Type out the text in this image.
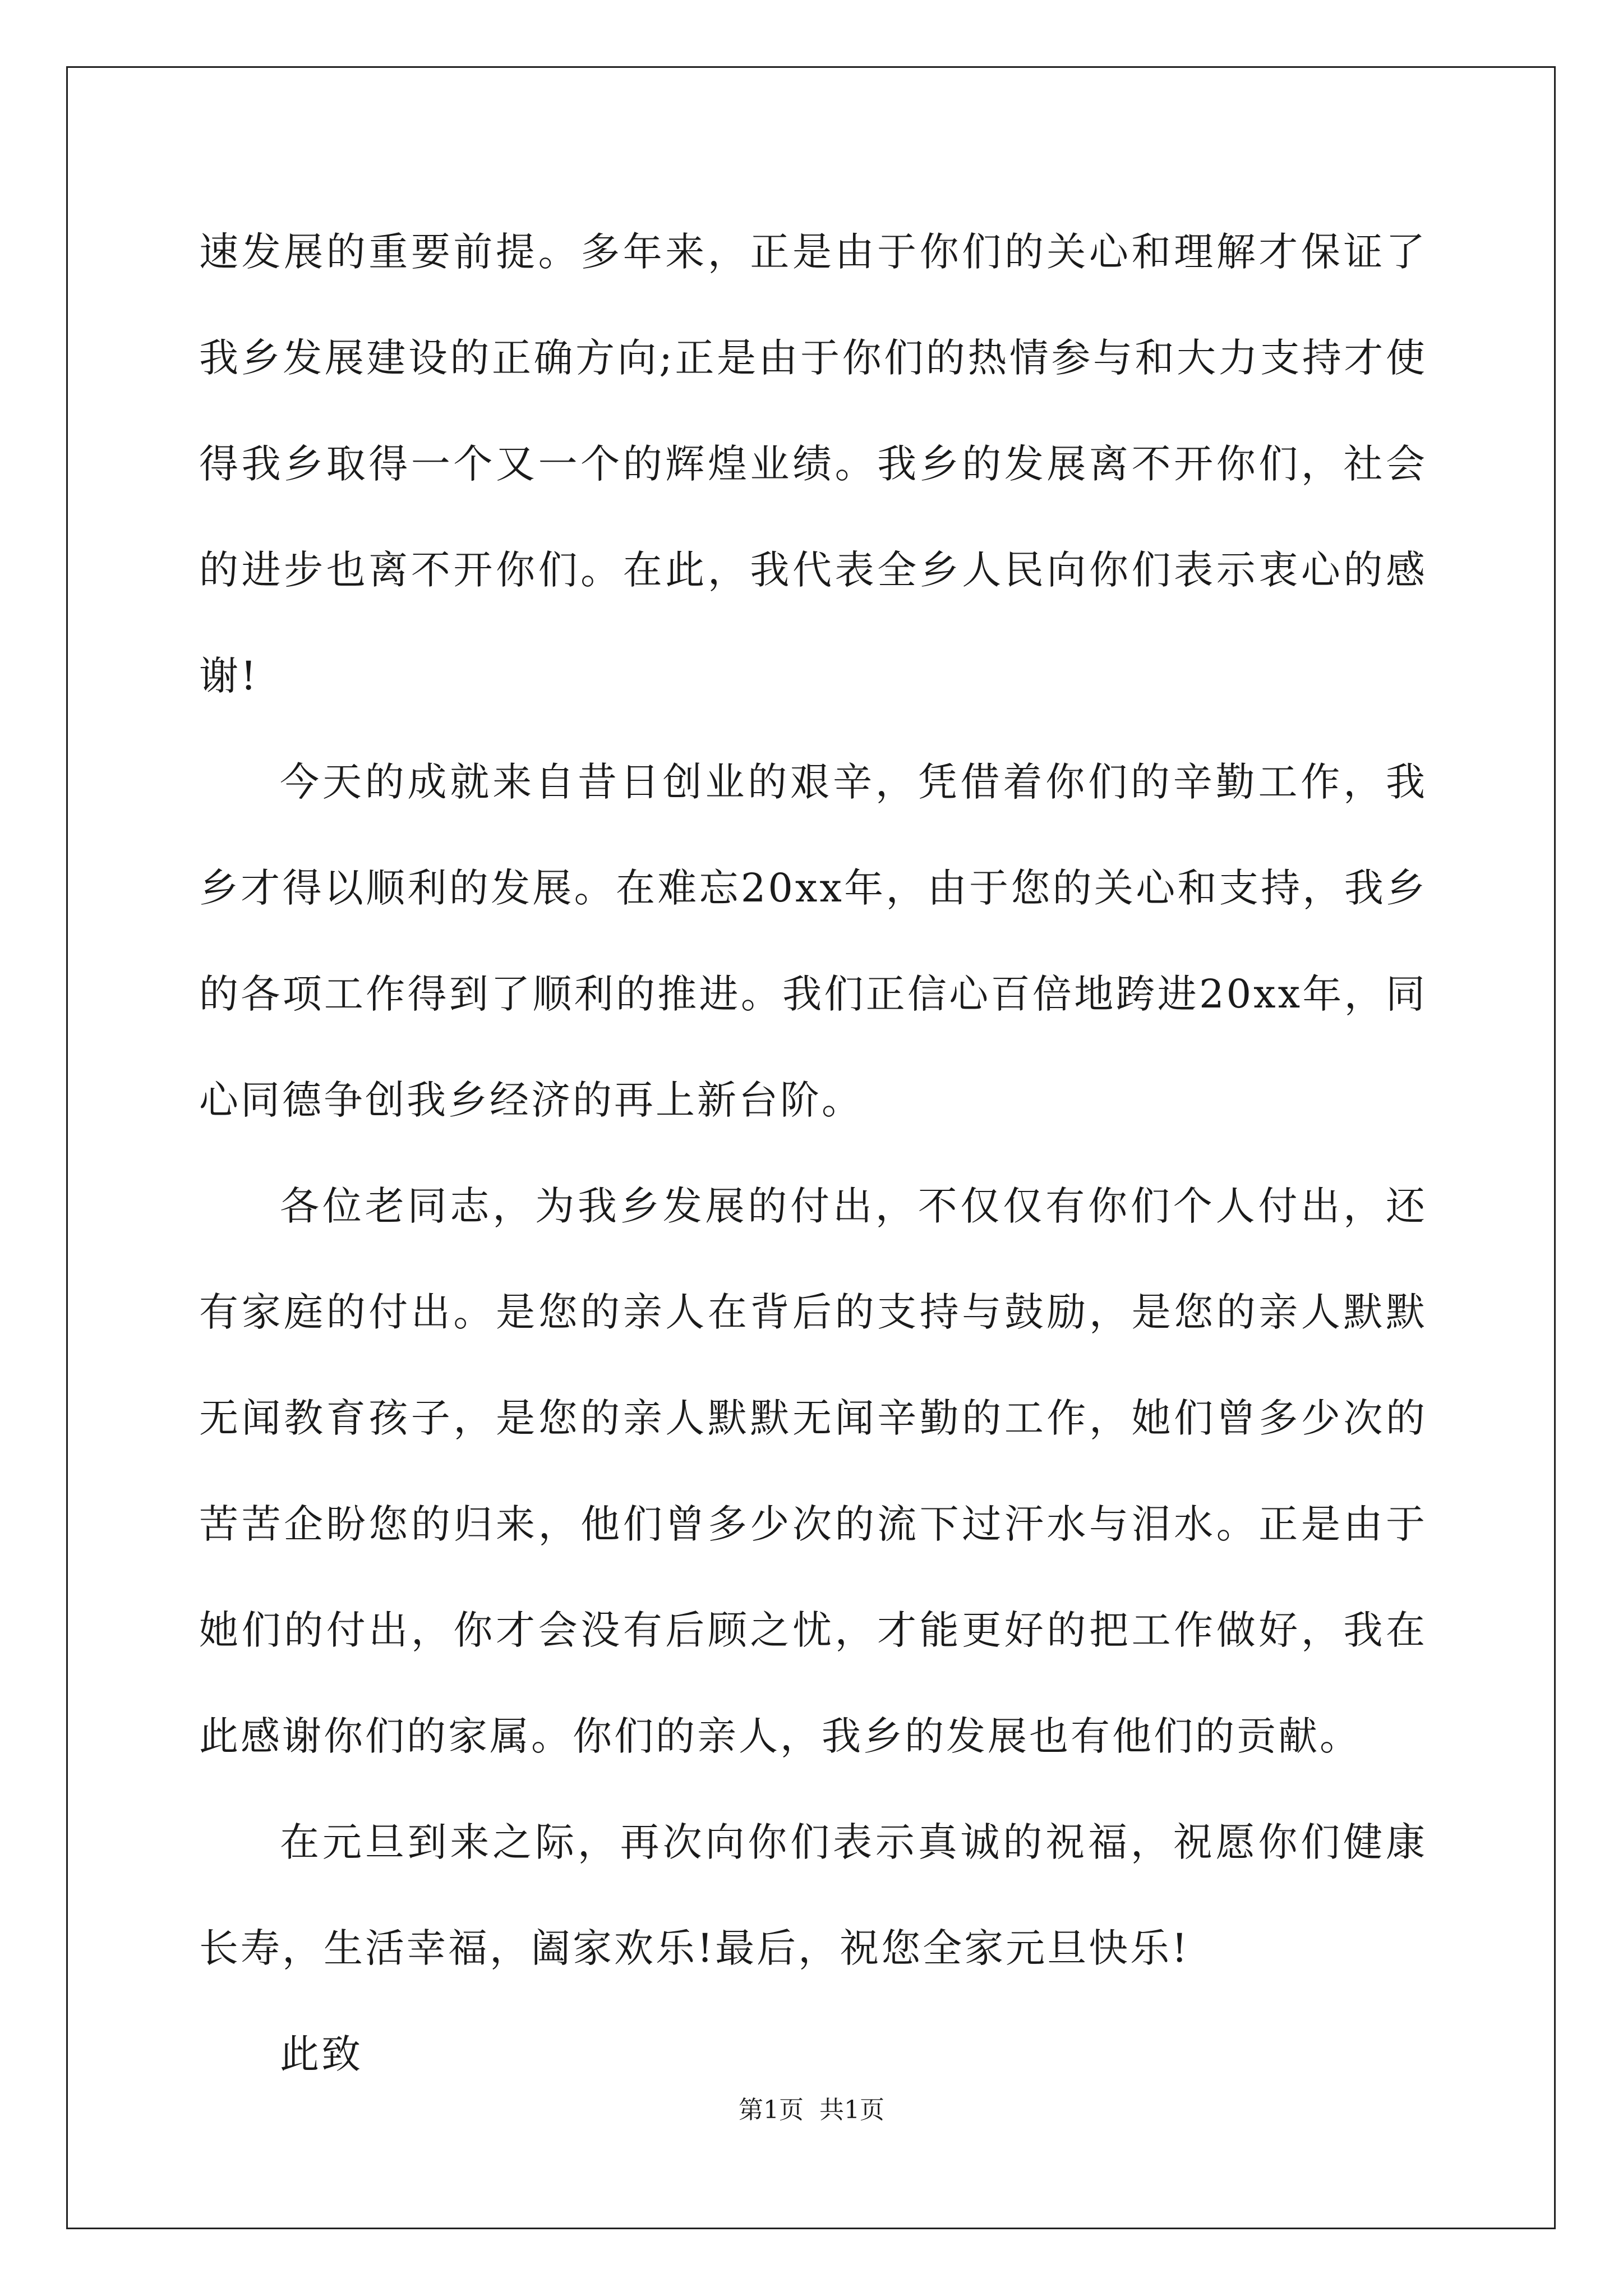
速发展的重要前提。多年来，正是由于你们的关心和理解才保证了我乡发展建设的正确方向;正是由于你们的热情参与和大力支持才使得我乡取得一个又一个的辉煌业绩。我乡的发展离不开你们，社会的进步也离不开你们。在此，我代表全乡人民向你们表示衷心的感谢!

今天的成就来自昔日创业的艰辛，凭借着你们的辛勤工作，我乡才得以顺利的发展。在难忘20xx年，由于您的关心和支持，我乡的各项工作得到了顺利的推进。我们正信心百倍地跨进20xx年，同心同德争创我乡经济的再上新台阶。

各位老同志，为我乡发展的付出，不仅仅有你们个人付出，还有家庭的付出。是您的亲人在背后的支持与鼓励，是您的亲人默默无闻教育孩子，是您的亲人默默无闻辛勤的工作，她们曾多少次的苦苦企盼您的归来，他们曾多少次的流下过汗水与泪水。正是由于她们的付出，你才会没有后顾之忧，才能更好的把工作做好，我在此感谢你们的家属。你们的亲人，我乡的发展也有他们的贡献。

在元旦到来之际，再次向你们表示真诚的祝福，祝愿你们健康长寿，生活幸福，阖家欢乐!最后，祝您全家元旦快乐!

此致

第1页  共1页
